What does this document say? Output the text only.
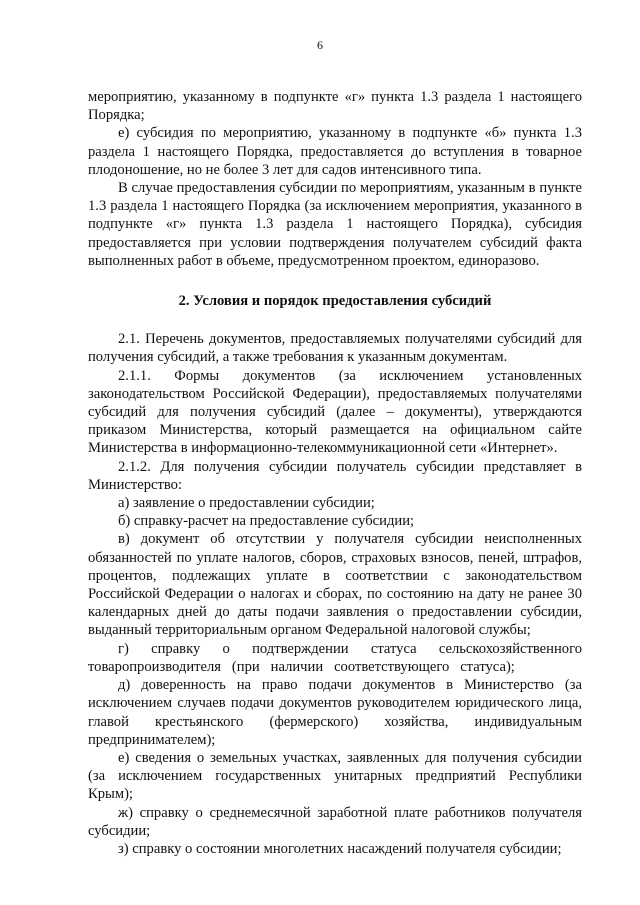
6

мероприятию, указанному в подпункте «г» пункта 1.3 раздела 1 настоящего Порядка;

е) субсидия по мероприятию, указанному в подпункте «б» пункта 1.3 раздела 1 настоящего Порядка, предоставляется до вступления в товарное плодоношение, но не более 3 лет для садов интенсивного типа.

В случае предоставления субсидии по мероприятиям, указанным в пункте 1.3 раздела 1 настоящего Порядка (за исключением мероприятия, указанного в подпункте «г» пункта 1.3 раздела 1 настоящего Порядка), субсидия предоставляется при условии подтверждения получателем субсидий факта выполненных работ в объеме, предусмотренном проектом, единоразово.

2. Условия и порядок предоставления субсидий

2.1. Перечень документов, предоставляемых получателями субсидий для получения субсидий, а также требования к указанным документам.

2.1.1. Формы документов (за исключением установленных законодательством Российской Федерации), предоставляемых получателями субсидий для получения субсидий (далее – документы), утверждаются приказом Министерства, который размещается на официальном сайте Министерства в информационно-телекоммуникационной сети «Интернет».

2.1.2. Для получения субсидии получатель субсидии представляет в Министерство:

а) заявление о предоставлении субсидии;

б) справку-расчет на предоставление субсидии;

в) документ об отсутствии у получателя субсидии неисполненных обязанностей по уплате налогов, сборов, страховых взносов, пеней, штрафов, процентов, подлежащих уплате в соответствии с законодательством Российской Федерации о налогах и сборах, по состоянию на дату не ранее 30 календарных дней до даты подачи заявления о предоставлении субсидии, выданный территориальным органом Федеральной налоговой службы;

г) справку о подтверждении статуса сельскохозяйственного товаропроизводителя (при наличии соответствующего статуса);

д) доверенность на право подачи документов в Министерство (за исключением случаев подачи документов руководителем юридического лица, главой крестьянского (фермерского) хозяйства, индивидуальным предпринимателем);

е) сведения о земельных участках, заявленных для получения субсидии (за исключением государственных унитарных предприятий Республики Крым);

ж) справку о среднемесячной заработной плате работников получателя субсидии;

з) справку о состоянии многолетних насаждений получателя субсидии;
